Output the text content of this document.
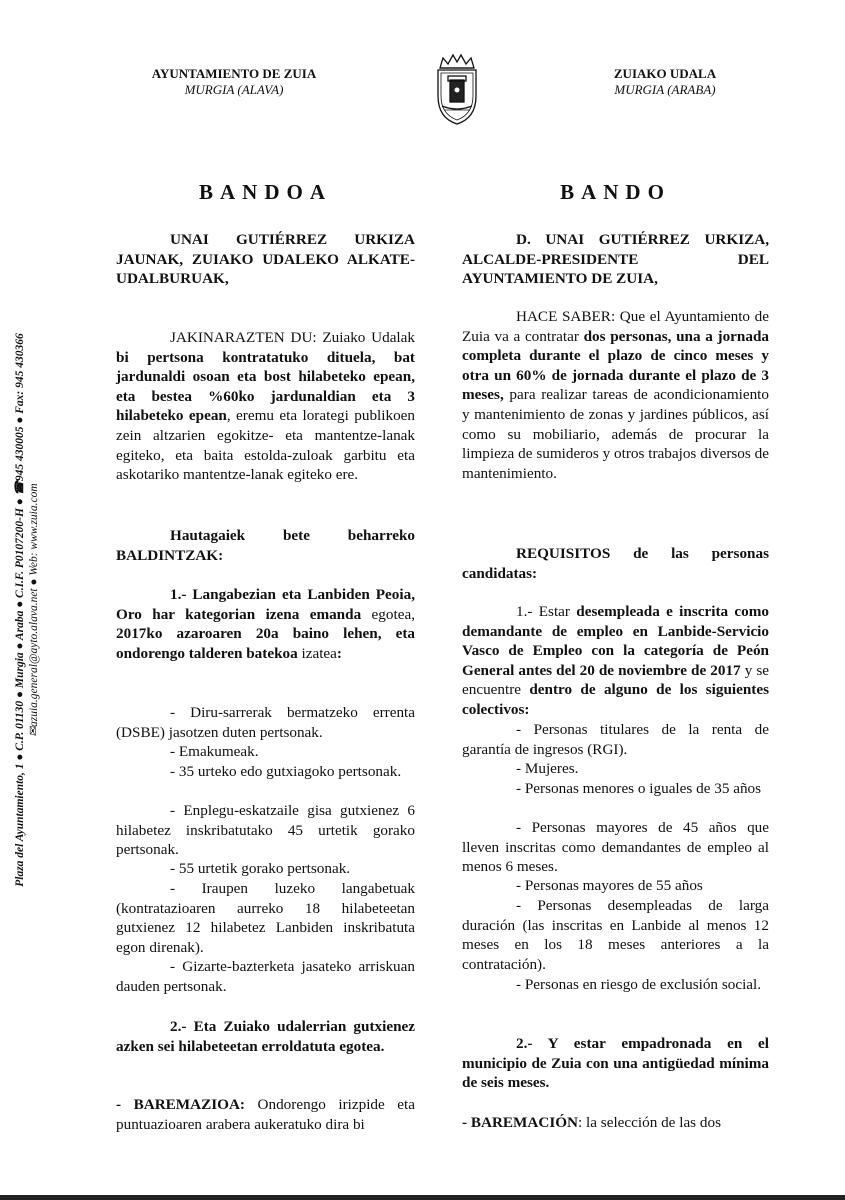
AYUNTAMIENTO DE ZUIA
MURGIA (ALAVA)
ZUIAKO UDALA
MURGIA (ARABA)
Plaza del Ayuntamiento, 1 ● C.P. 01130 ● Murgia ● Araba ● C.I.F. P0107200-H ● ☎945 430005 ● Fax: 945 430366 ✉azuia.general@ayto.alava.net ● Web: www.zuia.com
BANDOA	BANDO

UNAI GUTIÉRREZ URKIZA JAUNAK, ZUIAKO UDALEKO ALKATE-UDALBURUAK,

JAKINARAZTEN DU: Zuiako Udalak bi pertsona kontratatuko dituela, bat jardunaldi osoan eta bost hilabeteko epean, eta bestea %60ko jardunaldian eta 3 hilabeteko epean, eremu eta lorategi publikoen zein altzarien egokitze- eta mantentze-lanak egiteko, eta baita estolda-zuloak garbitu eta askotariko mantentze-lanak egiteko ere.

Hautagaiek bete beharreko BALDINTZAK:

1.- Langabezian eta Lanbiden Peoia, Oro har kategorian izena emanda egotea, 2017ko azaroaren 20a baino lehen, eta ondorengo talderen batekoa izatea:

- Diru-sarrerak bermatzeko errenta (DSBE) jasotzen duten pertsonak.

- Emakumeak.

- 35 urteko edo gutxiagoko pertsonak.

- Enplegu-eskatzaile gisa gutxienez 6 hilabetez inskribatutako 45 urtetik gorako pertsonak.

- 55 urtetik gorako pertsonak.

- Iraupen luzeko langabetuak (kontratazioaren aurreko 18 hilabeteetan gutxienez 12 hilabetez Lanbiden inskribatuta egon direnak).

- Gizarte-bazterketa jasateko arriskuan dauden pertsonak.

2.- Eta Zuiako udalerrian gutxienez azken sei hilabeteetan erroldatuta egotea.

- BAREMAZIOA: Ondorengo irizpide eta puntuazioaren arabera aukeratuko dira bi

D. UNAI GUTIÉRREZ URKIZA, ALCALDE-PRESIDENTE DEL AYUNTAMIENTO DE ZUIA,

HACE SABER: Que el Ayuntamiento de Zuia va a contratar dos personas, una a jornada completa durante el plazo de cinco meses y otra un 60% de jornada durante el plazo de 3 meses, para realizar tareas de acondicionamiento y mantenimiento de zonas y jardines públicos, así como su mobiliario, además de procurar la limpieza de sumideros y otros trabajos diversos de mantenimiento.

REQUISITOS de las personas candidatas:

1.- Estar desempleada e inscrita como demandante de empleo en Lanbide-Servicio Vasco de Empleo con la categoría de Peón General antes del 20 de noviembre de 2017 y se encuentre dentro de alguno de los siguientes colectivos:

- Personas titulares de la renta de garantía de ingresos (RGI).

- Mujeres.

- Personas menores o iguales de 35 años

- Personas mayores de 45 años que lleven inscritas como demandantes de empleo al menos 6 meses.

- Personas mayores de 55 años

- Personas desempleadas de larga duración (las inscritas en Lanbide al menos 12 meses en los 18 meses anteriores a la contratación).

- Personas en riesgo de exclusión social.

2.- Y estar empadronada en el municipio de Zuia con una antigüedad mínima de seis meses.

- BAREMACIÓN: la selección de las dos
